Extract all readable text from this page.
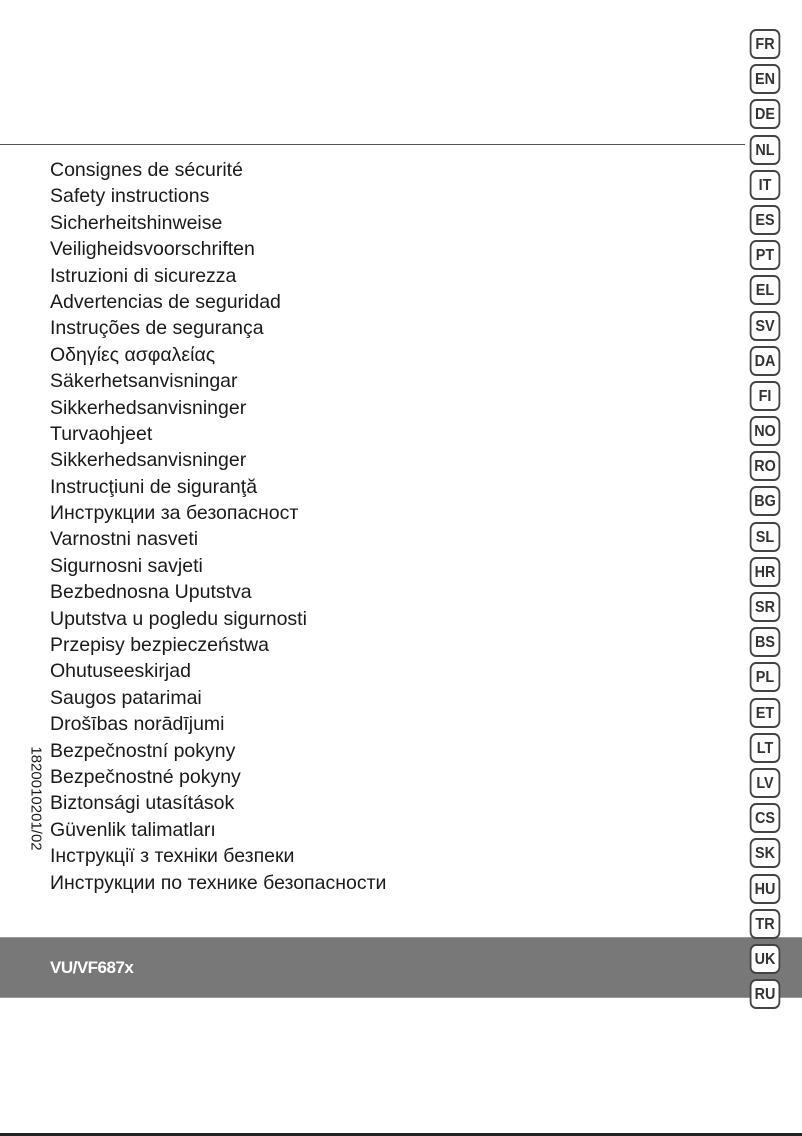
Consignes de sécurité
Safety instructions
Sicherheitshinweise
Veiligheidsvoorschriften
Istruzioni di sicurezza
Advertencias de seguridad
Instruções de segurança
Οδηγίες ασφαλείας
Säkerhetsanvisningar
Sikkerhedsanvisninger
Turvaohjeet
Sikkerhedsanvisninger
Instrucţiuni de siguranţă
Инструкции за безопасност
Varnostni nasveti
Sigurnosni savjeti
Bezbednosna Uputstva
Uputstva u pogledu sigurnosti
Przepisy bezpieczeństwa
Ohutuseeskirjad
Saugos patarimai
Drošības norādījumi
Bezpečnostní pokyny
Bezpečnostné pokyny
Biztonsági utasítások
Güvenlik talimatları
Інструкції з техніки безпеки
Инструкции по технике безопасности
1820010201/02
VU/VF687x
FR
EN
DE
NL
IT
ES
PT
EL
SV
DA
FI
NO
RO
BG
SL
HR
SR
BS
PL
ET
LT
LV
CS
SK
HU
TR
UK
RU
